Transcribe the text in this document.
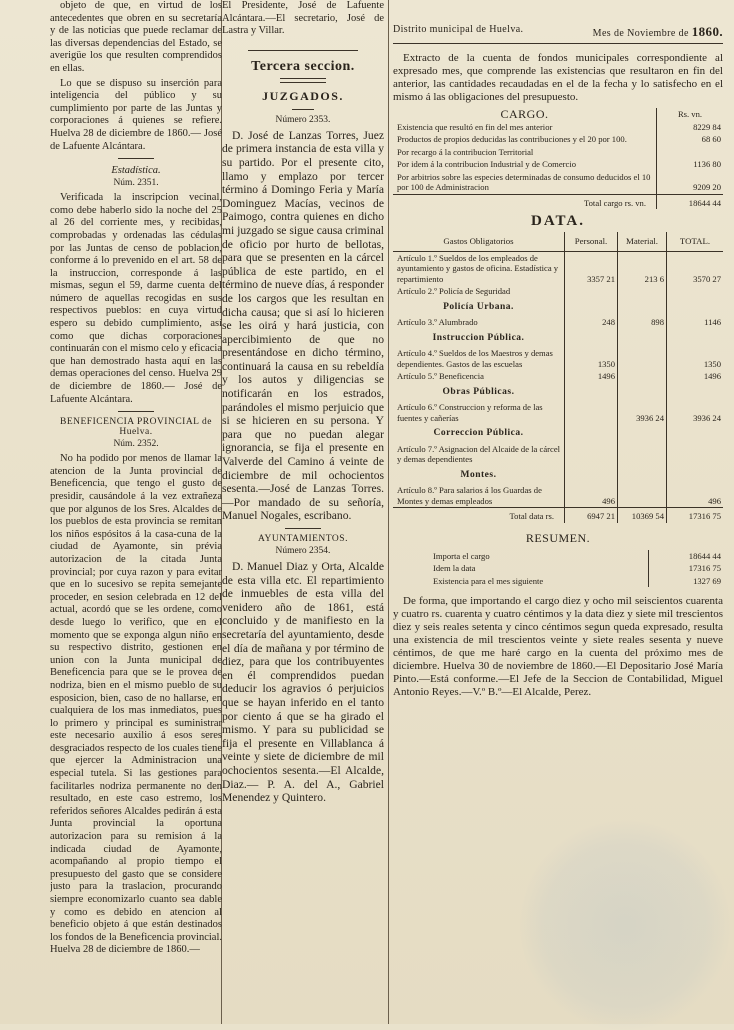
objeto de que, en virtud de los antecedentes que obren en su secretaría y de las noticias que puede reclamar de las diversas dependencias del Estado, se averigüe los que resulten comprendidos en ellas.

Lo que se dispuso su inserción para inteligencia del público y su cumplimiento por parte de las Juntas y corporaciones á quienes se refiere. Huelva 28 de diciembre de 1860.— José de Lafuente Alcántara.

Estadística.
Núm. 2351.

Verificada la inscripcion vecinal, como debe haberlo sido la noche del 25 al 26 del corriente mes, y recibidas, comprobadas y ordenadas las cédulas por las Juntas de censo de poblacion, conforme á lo prevenido en el art. 58 de la instruccion, corresponde á las mismas, segun el 59, darme cuenta del número de aquellas recogidas en sus respectivos pueblos: en cuya virtud espero su debido cumplimiento, así como que dichas corporaciones continuarán con el mismo celo y eficacia que han demostrado hasta aquí en las demas operaciones del censo. Huelva 29 de diciembre de 1860.— José de Lafuente Alcántara.

BENEFICENCIA PROVINCIAL de Huelva.
Núm. 2352.

No ha podido por menos de llamar la atencion de la Junta provincial de Beneficencia, que tengo el gusto de presidir, causándole á la vez extrañeza que por algunos de los Sres. Alcaldes de los pueblos de esta provincia se remitan los niños espósitos á la casa-cuna de la ciudad de Ayamonte, sin prévia autorizacion de la citada Junta provincial; por cuya razon y para evitar que en lo sucesivo se repita semejante proceder, en sesion celebrada en 12 del actual, acordó que se les ordene, como desde luego lo verifico, que en el momento que se exponga algun niño en su respectivo distrito, gestionen en union con la Junta municipal de Beneficencia para que se le provea de nodriza, bien en el mismo pueblo de su esposicion, bien, caso de no hallarse, en cualquiera de los mas inmediatos, pues lo primero y principal es suministrar este necesario auxilio á esos seres desgraciados respecto de los cuales tiene que ejercer la Administracion una especial tutela. Si las gestiones para facilitarles nodriza permanente no den resultado, en este caso estremo, los referidos señores Alcaldes pedirán á esta Junta provincial la oportuna autorizacion para su remision á la indicada ciudad de Ayamonte, acompañando al propio tiempo el presupuesto del gasto que se considere justo para la traslacion, procurando siempre economizarlo cuanto sea dable y como es debido en atencion al beneficio objeto á que están destinados los fondos de la Beneficencia provincial. Huelva 28 de diciembre de 1860.—

El Presidente, José de Lafuente Alcántara.—El secretario, José de Lastra y Villar.

Tercera seccion.
JUZGADOS.
Número 2353.

D. José de Lanzas Torres, Juez de primera instancia de esta villa y su partido. Por el presente cito, llamo y emplazo por tercer término á Domingo Feria y María Dominguez Macías, vecinos de Paimogo, contra quienes en dicho mi juzgado se sigue causa criminal de oficio por hurto de bellotas, para que se presenten en la cárcel pública de este partido, en el término de nueve días, á responder de los cargos que les resultan en dicha causa; que si así lo hicieren se les oirá y hará justicia, con apercibimiento de que no presentándose en dicho término, continuará la causa en su rebeldía y los autos y diligencias se notificarán en los estrados, parándoles el mismo perjuicio que si se hicieren en su persona. Y para que no puedan alegar ignorancia, se fija el presente en Valverde del Camino á veinte de diciembre de mil ochocientos sesenta.—José de Lanzas Torres.—Por mandado de su señoría, Manuel Nogales, escribano.

AYUNTAMIENTOS.
Número 2354.

D. Manuel Diaz y Orta, Alcalde de esta villa etc. El repartimiento de inmuebles de esta villa del venidero año de 1861, está concluido y de manifiesto en la secretaría del ayuntamiento, desde el día de mañana y por término de diez, para que los contribuyentes en él comprendidos puedan deducir los agravios ó perjuicios que se hayan inferido en el tanto por ciento á que se ha girado el mismo. Y para su publicidad se fija el presente en Villablanca á veinte y siete de diciembre de mil ochocientos sesenta.—El Alcalde, Diaz.— P. A. del A., Gabriel Menendez y Quintero.

Distrito municipal de Huelva.	Mes de Noviembre de 1860.

Extracto de la cuenta de fondos municipales correspondiente al expresado mes, que comprende las existencias que resultaron en fin del anterior, las cantidades recaudadas en el de la fecha y lo satisfecho en el mismo á las obligaciones del presupuesto.

CARGO.	Rs. vn.
Existencia que resultó en fin del mes anterior	8229 84
Productos de propios deducidas las contribuciones y el 20 por 100.	68 60
Por recargo á la contribucion Territorial	
Por idem á la contribucion Industrial y de Comercio	1136 80
Por arbitrios sobre las especies determinadas de consumo deducidos el 10 por 100 de Administracion	9209 20
Total cargo rs. vn.	18644 44
DATA.
Gastos Obligatorios	Personal.	Material.	TOTAL.
Artículo 1.º Sueldos de los empleados de ayuntamiento y gastos de oficina. Estadística y repartimiento	3357 21	213 6	3570 27
Artículo 2.º Policía de Seguridad			
Policía Urbana.			
Artículo 3.º Alumbrado	248	898	1146
Instruccion Pública.			
Artículo 4.º Sueldos de los Maestros y demas dependientes. Gastos de las escuelas	1350		1350
Artículo 5.º Beneficencia	1496		1496
Obras Públicas.			
Artículo 6.º Construccion y reforma de las fuentes y cañerías		3936 24	3936 24
Correccion Pública.			
Artículo 7.º Asignacion del Alcaide de la cárcel y demas dependientes			
Montes.			
Artículo 8.º Para salarios á los Guardas de Montes y demas empleados	496		496
Total data rs.	6947 21	10369 54	17316 75
RESUMEN.
Importa el cargo	18644 44
Idem la data	17316 75
Existencia para el mes siguiente	1327 69

De forma, que importando el cargo diez y ocho mil seiscientos cuarenta y cuatro rs. cuarenta y cuatro céntimos y la data diez y siete mil trescientos diez y seis reales setenta y cinco céntimos segun queda expresado, resulta una existencia de mil trescientos veinte y siete reales sesenta y nueve céntimos, de que me haré cargo en la cuenta del próximo mes de diciembre. Huelva 30 de noviembre de 1860.—El Depositario José María Pinto.—Está conforme.—El Jefe de la Seccion de Contabilidad, Miguel Antonio Reyes.—V.º B.º—El Alcalde, Perez.
